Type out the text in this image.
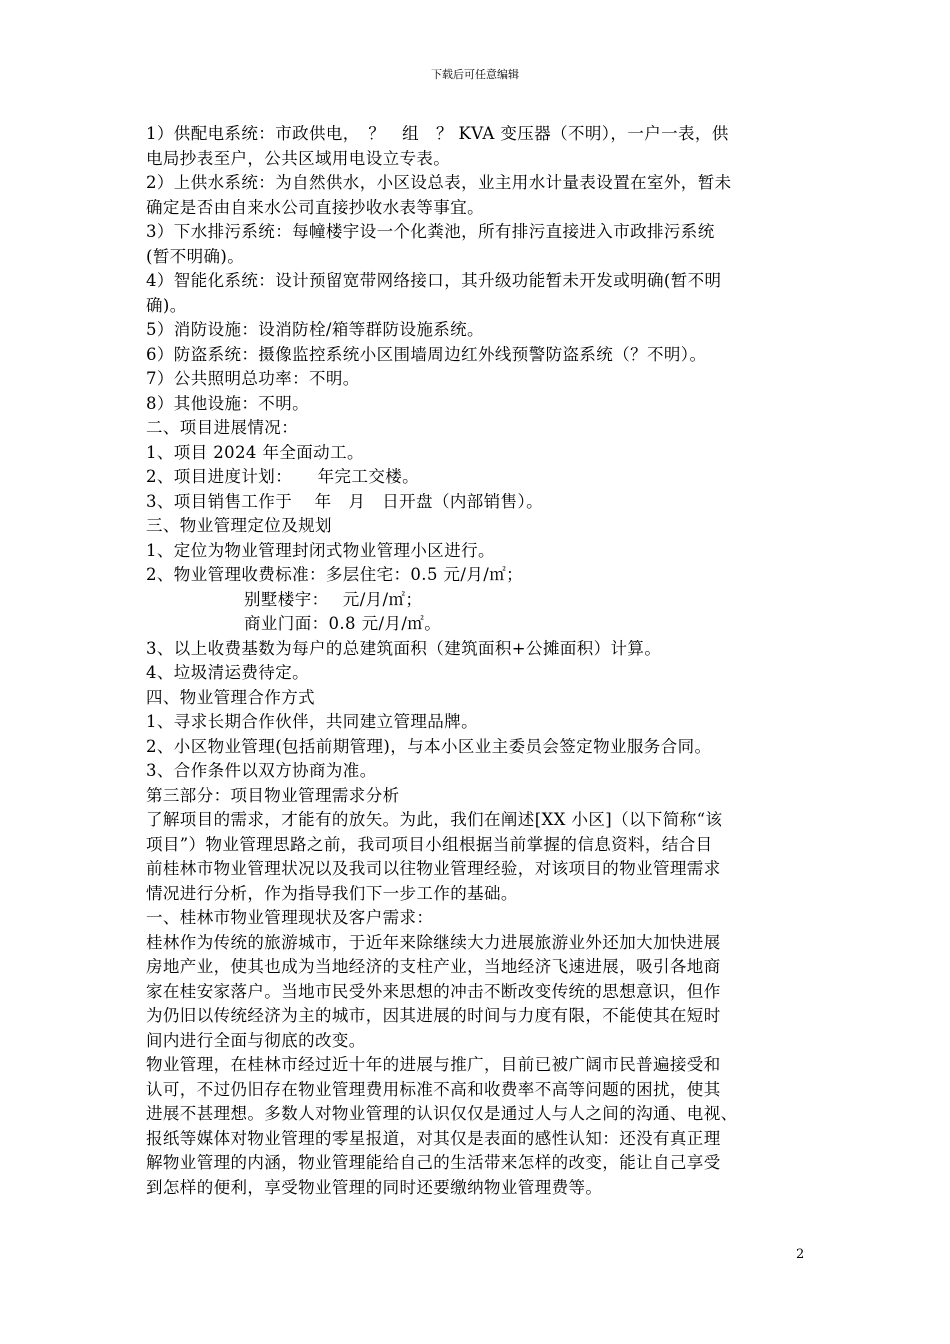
下载后可任意编辑
1）供配电系统：市政供电，　？　组　？ KVA 变压器（不明），一户一表，供
电局抄表至户，公共区域用电设立专表。
2）上供水系统：为自然供水，小区设总表，业主用水计量表设置在室外，暂未
确定是否由自来水公司直接抄收水表等事宜。
3）下水排污系统：每幢楼宇设一个化粪池，所有排污直接进入市政排污系统
(暂不明确)。
4）智能化系统：设计预留宽带网络接口，其升级功能暂未开发或明确(暂不明
确)。
5）消防设施：设消防栓/箱等群防设施系统。
6）防盗系统：摄像监控系统小区围墙周边红外线预警防盗系统（？不明）。
7）公共照明总功率：不明。
8）其他设施：不明。
二、项目进展情况：
1、项目 2024 年全面动工。
2、项目进度计划：　　年完工交楼。
3、项目销售工作于　 年　月　日开盘（内部销售）。
三、物业管理定位及规划
1、定位为物业管理封闭式物业管理小区进行。
2、物业管理收费标准：多层住宅：0.5 元/月/㎡；
别墅楼宇：　 元/月/㎡；
商业门面：0.8 元/月/㎡。
3、以上收费基数为每户的总建筑面积（建筑面积+公摊面积）计算。
4、垃圾清运费待定。
四、物业管理合作方式
1、寻求长期合作伙伴，共同建立管理品牌。
2、小区物业管理(包括前期管理)，与本小区业主委员会签定物业服务合同。
3、合作条件以双方协商为准。
第三部分：项目物业管理需求分析
了解项目的需求，才能有的放矢。为此，我们在阐述[XX 小区]（以下简称“该
项目”）物业管理思路之前，我司项目小组根据当前掌握的信息资料，结合目
前桂林市物业管理状况以及我司以往物业管理经验，对该项目的物业管理需求
情况进行分析，作为指导我们下一步工作的基础。
一、桂林市物业管理现状及客户需求：
桂林作为传统的旅游城市，于近年来除继续大力进展旅游业外还加大加快进展
房地产业，使其也成为当地经济的支柱产业，当地经济飞速进展，吸引各地商
家在桂安家落户。当地市民受外来思想的冲击不断改变传统的思想意识，但作
为仍旧以传统经济为主的城市，因其进展的时间与力度有限，不能使其在短时
间内进行全面与彻底的改变。
物业管理，在桂林市经过近十年的进展与推广，目前已被广阔市民普遍接受和
认可，不过仍旧存在物业管理费用标准不高和收费率不高等问题的困扰，使其
进展不甚理想。多数人对物业管理的认识仅仅是通过人与人之间的沟通、电视、
报纸等媒体对物业管理的零星报道，对其仅是表面的感性认知：还没有真正理
解物业管理的内涵，物业管理能给自己的生活带来怎样的改变，能让自己享受
到怎样的便利，享受物业管理的同时还要缴纳物业管理费等。
2
